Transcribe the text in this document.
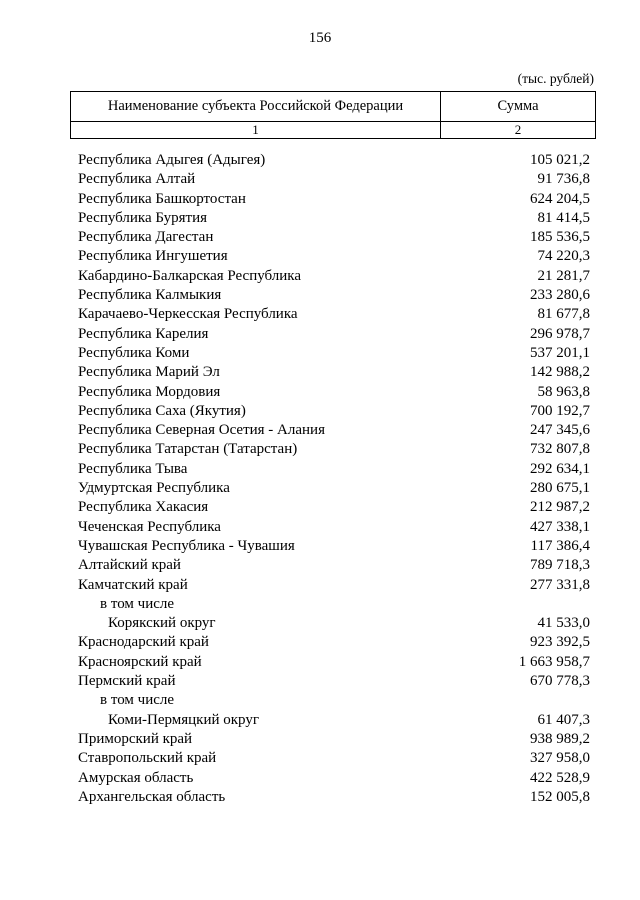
156
(тыс. рублей)
Наименование субъекта Российской Федерации	Сумма
1	2
Республика Адыгея (Адыгея)	105 021,2
Республика Алтай	91 736,8
Республика Башкортостан	624 204,5
Республика Бурятия	81 414,5
Республика Дагестан	185 536,5
Республика Ингушетия	74 220,3
Кабардино-Балкарская Республика	21 281,7
Республика Калмыкия	233 280,6
Карачаево-Черкесская Республика	81 677,8
Республика Карелия	296 978,7
Республика Коми	537 201,1
Республика Марий Эл	142 988,2
Республика Мордовия	58 963,8
Республика Саха (Якутия)	700 192,7
Республика Северная Осетия - Алания	247 345,6
Республика Татарстан (Татарстан)	732 807,8
Республика Тыва	292 634,1
Удмуртская Республика	280 675,1
Республика Хакасия	212 987,2
Чеченская Республика	427 338,1
Чувашская Республика - Чувашия	117 386,4
Алтайский край	789 718,3
Камчатский край	277 331,8
в том числе
Корякский округ	41 533,0
Краснодарский край	923 392,5
Красноярский край	1 663 958,7
Пермский край	670 778,3
в том числе
Коми-Пермяцкий округ	61 407,3
Приморский край	938 989,2
Ставропольский край	327 958,0
Амурская область	422 528,9
Архангельская область	152 005,8
